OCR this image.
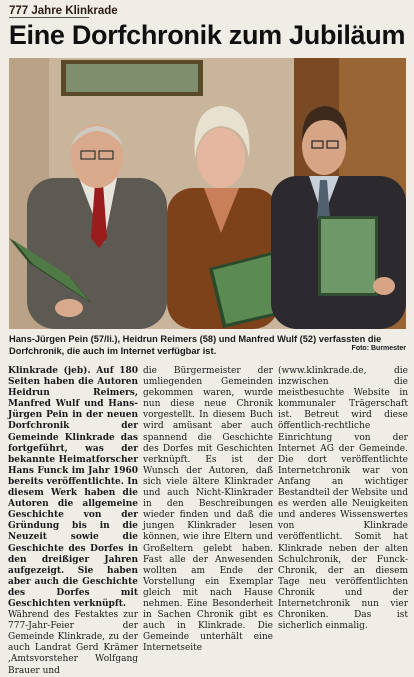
777 Jahre Klinkrade
Eine Dorfchronik zum Jubiläum
Hans-Jürgen Pein (57/li.), Heidrun Reimers (58) und Manfred Wulf (52) verfassten die Dorfchronik, die auch im Internet verfügbar ist.	Foto: Burmester

Klinkrade (jeb). Auf 180 Seiten haben die Autoren Heidrun Reimers, Manfred Wulf und Hans-Jürgen Pein in der neuen Dorfchronik der Gemeinde Klinkrade das fortgeführt, was der bekannte Heimatforscher Hans Funck im Jahr 1960 bereits veröffentlichte. In diesem Werk haben die Autoren die allgemeine Geschichte von der Gründung bis in die Neuzeit sowie die Geschichte des Dorfes in den dreißiger Jahren aufgezeigt. Sie haben aber auch die Geschichte des Dorfes mit Geschichten verknüpft.

Während des Festaktes zur 777-Jahr-Feier der Gemeinde Klinkrade, zu der auch Landrat Gerd Krämer ,Amtsvorsteher Wolfgang Brauer und

die Bürgermeister der umliegenden Gemeinden gekommen waren, wurde nun diese neue Chronik vorgestellt. In diesem Buch wird amüsant aber auch spannend die Geschichte des Dorfes mit Geschichten verknüpft. Es ist der Wunsch der Autoren, daß sich viele ältere Klinkrader und auch Nicht-Klinkrader in den Beschreibungen wieder finden und daß die jungen Klinkrader lesen können, wie ihre Eltern und Großeltern gelebt haben. Fast alle der Anwesenden wollten am Ende der Vorstellung ein Exemplar gleich mit nach Hause nehmen. Eine Besonderheit in Sachen Chronik gibt es auch in Klinkrade. Die Gemeinde unterhält eine Internetseite

(www.klinkrade.de, die inzwischen die meistbesuchte Website in kommunaler Trägerschaft ist. Betreut wird diese öffentlich-rechtliche Einrichtung von der Internet AG der Gemeinde. Die dort veröffentlichte Internetchronik war von Anfang an wichtiger Bestandteil der Website und es werden alle Neuigkeiten und anderes Wissenswertes von Klinkrade veröffentlicht. Somit hat Klinkrade neben der alten Schulchronik, der Funck-Chronik, der an diesem Tage neu veröffentlichten Chronik und der Internetchronik nun vier Chroniken. Das ist sicherlich einmalig.
